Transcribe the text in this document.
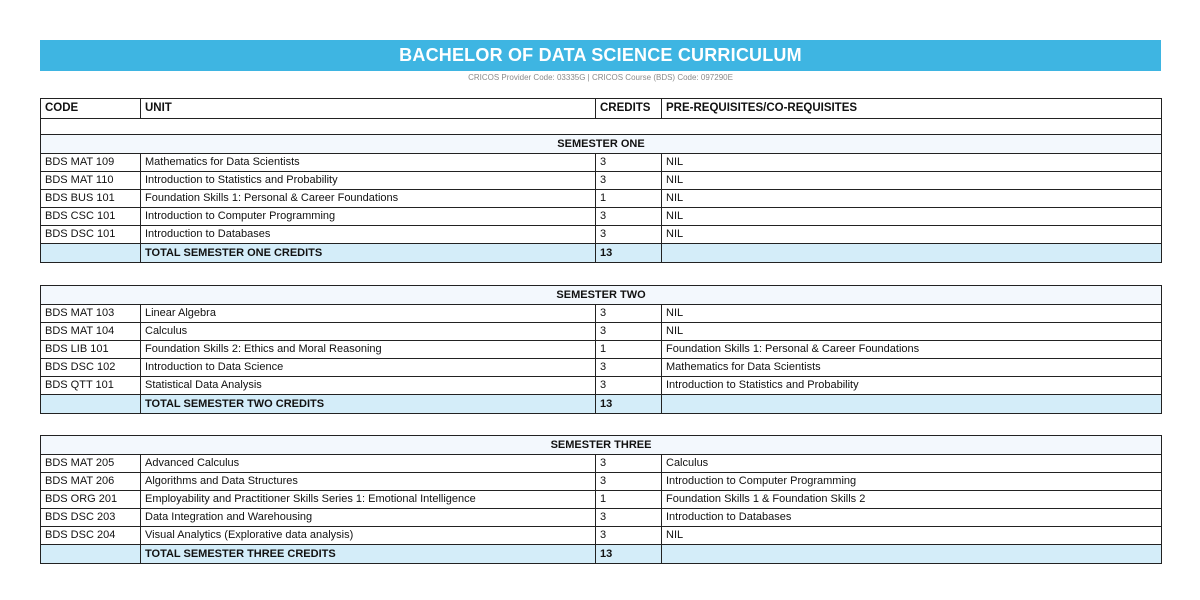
BACHELOR OF DATA SCIENCE CURRICULUM
CRICOS Provider Code: 03335G | CRICOS Course (BDS) Code: 097290E
CODE	UNIT	CREDITS	PRE-REQUISITES/CO-REQUISITES

SEMESTER ONE			
BDS MAT 109	Mathematics for Data Scientists	3	NIL
BDS MAT 110	Introduction to Statistics and Probability	3	NIL
BDS BUS 101	Foundation Skills 1: Personal & Career Foundations	1	NIL
BDS CSC 101	Introduction to Computer Programming	3	NIL
BDS DSC 101	Introduction to Databases	3	NIL
	TOTAL SEMESTER ONE CREDITS	13	
SEMESTER TWO			
BDS MAT 103	Linear Algebra	3	NIL
BDS MAT 104	Calculus	3	NIL
BDS LIB 101	Foundation Skills 2: Ethics and Moral Reasoning	1	Foundation Skills 1: Personal & Career Foundations
BDS DSC 102	Introduction to Data Science	3	Mathematics for Data Scientists
BDS QTT 101	Statistical Data Analysis	3	Introduction to Statistics and Probability
	TOTAL SEMESTER TWO CREDITS	13	
SEMESTER THREE			
BDS MAT 205	Advanced Calculus	3	Calculus
BDS MAT 206	Algorithms and Data Structures	3	Introduction to Computer Programming
BDS ORG 201	Employability and Practitioner Skills Series 1: Emotional Intelligence	1	Foundation Skills 1 & Foundation Skills 2
BDS DSC 203	Data Integration and Warehousing	3	Introduction to Databases
BDS DSC 204	Visual Analytics (Explorative data analysis)	3	NIL
	TOTAL SEMESTER THREE CREDITS	13	
